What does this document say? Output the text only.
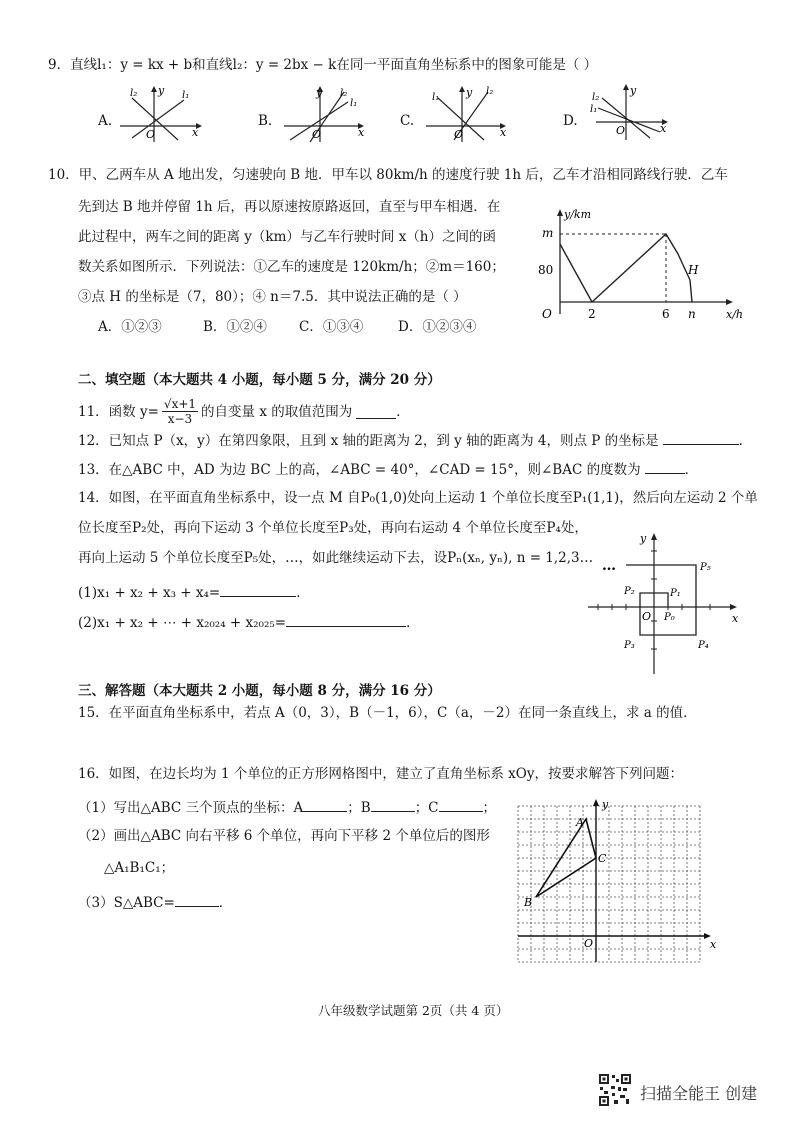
9．直线l₁：y = kx + b和直线l₂：y = 2bx − k在同一平面直角坐标系中的图象可能是（ ）
A.
l₂ y l₁
O	x
B.
y l₂
l₁
O	x
C.
l₁ y l₂
O	x
D.
y
l₁
l₂
O	x
10．甲、乙两车从 A 地出发，匀速驶向 B 地．甲车以 80km/h 的速度行驶 1h 后，乙车才沿相同路线行驶．乙车
先到达 B 地并停留 1h 后，再以原速按原路返回，直至与甲车相遇．在
此过程中，两车之间的距离 y（km）与乙车行驶时间 x（h）之间的函
数关系如图所示．下列说法：①乙车的速度是 120km/h；②m＝160；
③点 H 的坐标是（7，80）；④ n＝7.5．其中说法正确的是（ ）
A．①②③	B．①②④ C．①③④	D．①②③④
y/km
m
80
O	2	6 n
H
x/h
二、填空题（本大题共 4 小题，每小题 5 分，满分 20 分）
11．函数 $y= \frac{√x+1}{x-3}$ 的自变量 x 的取值范围为	．
12．已知点 P（x，y）在第四象限，且到 x 轴的距离为 2，到 y 轴的距离为 4，则点 P 的坐标是	．
13．在△ABC 中，AD 为边 BC 上的高，∠ABC = 40°，∠CAD = 15°，则∠BAC 的度数为	．
14．如图，在平面直角坐标系中，设一点 M 自P₀(1,0)处向上运动 1 个单位长度至P₁(1,1)，然后向左运动 2 个单
位长度至P₂处，再向下运动 3 个单位长度至P₃处，再向右运动 4 个单位长度至P₄处，
再向上运动 5 个单位长度至P₅处，…，如此继续运动下去，设Pₙ(xₙ, yₙ), n = 1,2,3…
(1)x₁ + x₂ + x₃ + x₄=	．
(2)x₁ + x₂ + ⋯ + x₂₀₂₄ + x₂₀₂₅=	．
y
x
O P₀
P₁
P₂
P₃	P₄
P₅
…
三、解答题（本大题共 2 小题，每小题 8 分，满分 16 分）
15．在平面直角坐标系中，若点 A（0，3），B（－1，6），C（a，－2）在同一条直线上，求 a 的值．
16．如图，在边长均为 1 个单位的正方形网格图中，建立了直角坐标系 xOy，按要求解答下列问题：
（1）写出△ABC 三个顶点的坐标：A	；B	；C	；
（2）画出△ABC 向右平移 6 个单位，再向下平移 2 个单位后的图形
△A₁B₁C₁；
（3）S△ABC=	．
A
C
B
O
y
x
八年级数学试题第 2页（共 4 页）
扫描全能王 创建
